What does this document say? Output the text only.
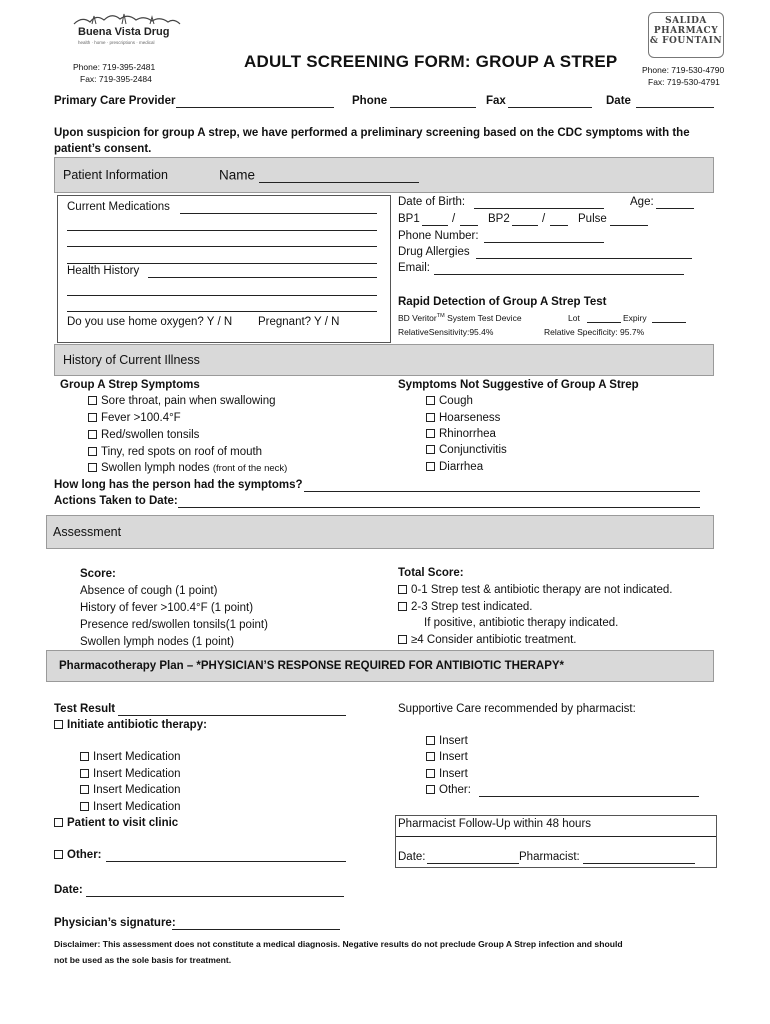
Buena Vista Drug
health · home · prescriptions · medical
Phone: 719-395-2481
Fax: 719-395-2484
ADULT SCREENING FORM: GROUP A STREP
SALIDA
PHARMACY
& FOUNTAIN
Phone: 719-530-4790
Fax: 719-530-4791
Primary Care Provider	Phone	Fax	Date
Upon suspicion for group A strep, we have performed a preliminary screening based on the CDC symptoms with the
patient’s consent.
Patient Information	Name
Current Medications
Health History
Do you use home oxygen? Y / N Pregnant? Y / N
Date of Birth:	Age:
BP1	/	BP2	/	Pulse
Phone Number:
Drug Allergies
Email:
Rapid Detection of Group A Strep Test
BD Veritor™ System Test Device	Lot	Expiry
RelativeSensitivity:95.4%	Relative Specificity: 95.7%
History of Current Illness
Group A Strep Symptoms
Sore throat, pain when swallowing
Fever >100.4°F
Red/swollen tonsils
Tiny, red spots on roof of mouth
Swollen lymph nodes (front of the neck)
Symptoms Not Suggestive of Group A Strep
Cough
Hoarseness
Rhinorrhea
Conjunctivitis
Diarrhea
How long has the person had the symptoms?
Actions Taken to Date:
Assessment
Score:
Absence of cough (1 point)
History of fever >100.4°F (1 point)
Presence red/swollen tonsils(1 point)
Swollen lymph nodes (1 point)
Total Score:
0-1 Strep test & antibiotic therapy are not indicated.
2-3 Strep test indicated.
If positive, antibiotic therapy indicated.
≥4 Consider antibiotic treatment.
Pharmacotherapy Plan – *PHYSICIAN’S RESPONSE REQUIRED FOR ANTIBIOTIC THERAPY*
Test Result
Initiate antibiotic therapy:
Insert Medication
Insert Medication
Insert Medication
Insert Medication
Patient to visit clinic
Other:
Supportive Care recommended by pharmacist:
Insert
Insert
Insert
Other:
Pharmacist Follow-Up within 48 hours
Date:	Pharmacist:
Date:
Physician’s signature:
Disclaimer: This assessment does not constitute a medical diagnosis. Negative results do not preclude Group A Strep infection and should
not be used as the sole basis for treatment.
